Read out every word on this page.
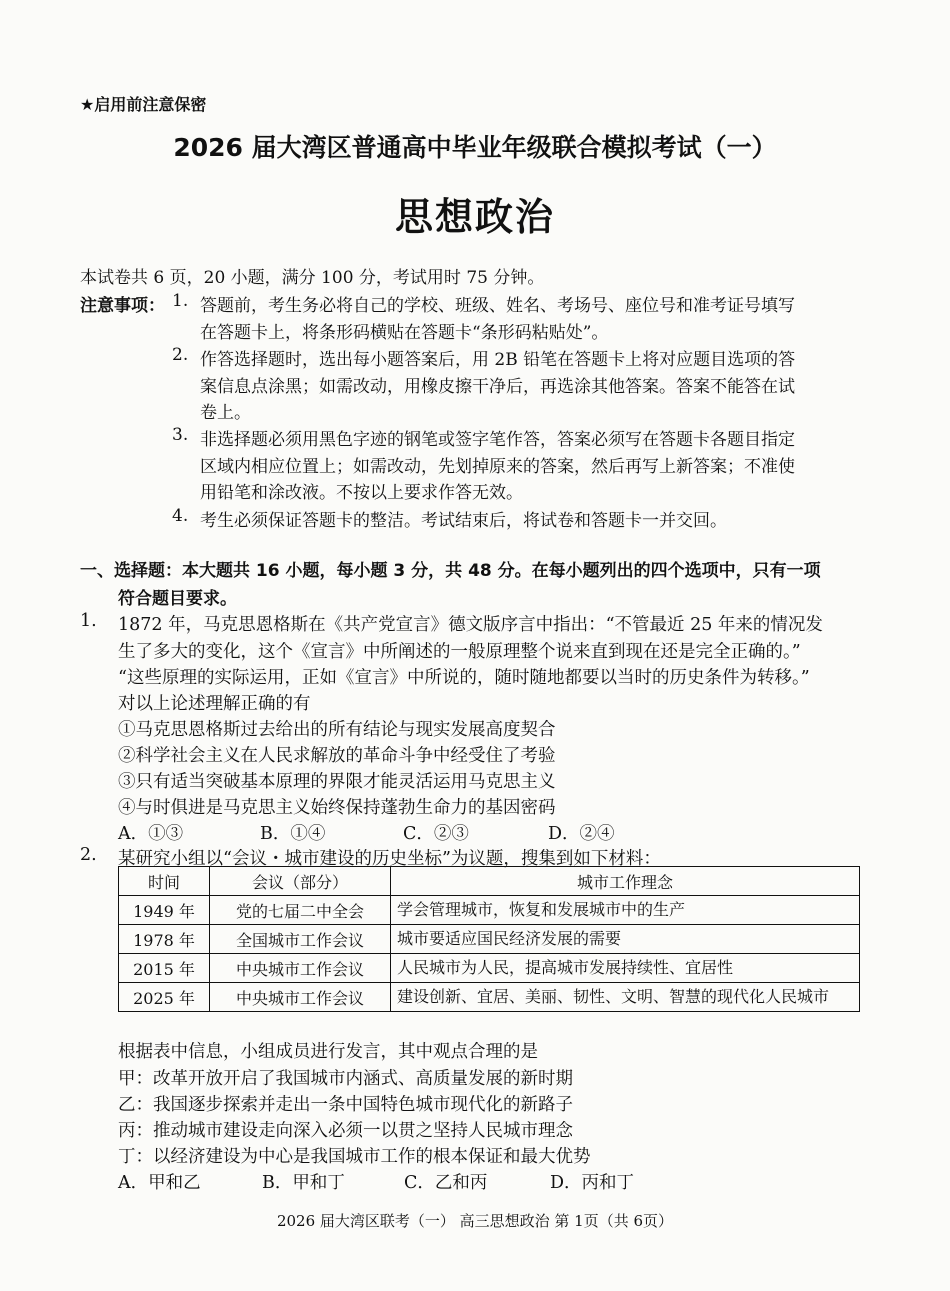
★启用前注意保密
2026 届大湾区普通高中毕业年级联合模拟考试（一）
思想政治
本试卷共 6 页，20 小题，满分 100 分，考试用时 75 分钟。
注意事项： 1. 答题前，考生务必将自己的学校、班级、姓名、考场号、座位号和准考证号填写
在答题卡上，将条形码横贴在答题卡“条形码粘贴处”。
2. 作答选择题时，选出每小题答案后，用 2B 铅笔在答题卡上将对应题目选项的答
案信息点涂黑；如需改动，用橡皮擦干净后，再选涂其他答案。答案不能答在试
卷上。
3. 非选择题必须用黑色字迹的钢笔或签字笔作答，答案必须写在答题卡各题目指定
区域内相应位置上；如需改动，先划掉原来的答案，然后再写上新答案；不准使
用铅笔和涂改液。不按以上要求作答无效。
4. 考生必须保证答题卡的整洁。考试结束后，将试卷和答题卡一并交回。
一、选择题：本大题共 16 小题，每小题 3 分，共 48 分。在每小题列出的四个选项中，只有一项
符合题目要求。
1. 1872 年，马克思恩格斯在《共产党宣言》德文版序言中指出：“不管最近 25 年来的情况发
生了多大的变化，这个《宣言》中所阐述的一般原理整个说来直到现在还是完全正确的。”
“这些原理的实际运用，正如《宣言》中所说的，随时随地都要以当时的历史条件为转移。”
对以上论述理解正确的有
①马克思恩格斯过去给出的所有结论与现实发展高度契合
②科学社会主义在人民求解放的革命斗争中经受住了考验
③只有适当突破基本原理的界限才能灵活运用马克思主义
④与时俱进是马克思主义始终保持蓬勃生命力的基因密码
A．①③	B．①④	C．②③	D．②④
2. 某研究小组以“会议・城市建设的历史坐标”为议题，搜集到如下材料：
时间	会议（部分）	城市工作理念
1949 年	党的七届二中全会	学会管理城市，恢复和发展城市中的生产
1978 年	全国城市工作会议	城市要适应国民经济发展的需要
2015 年	中央城市工作会议	人民城市为人民，提高城市发展持续性、宜居性
2025 年	中央城市工作会议	建设创新、宜居、美丽、韧性、文明、智慧的现代化人民城市
根据表中信息，小组成员进行发言，其中观点合理的是
甲：改革开放开启了我国城市内涵式、高质量发展的新时期
乙：我国逐步探索并走出一条中国特色城市现代化的新路子
丙：推动城市建设走向深入必须一以贯之坚持人民城市理念
丁：以经济建设为中心是我国城市工作的根本保证和最大优势
A．甲和乙	B．甲和丁	C．乙和丙	D．丙和丁
2026 届大湾区联考（一） 高三思想政治 第 1页（共 6页）
